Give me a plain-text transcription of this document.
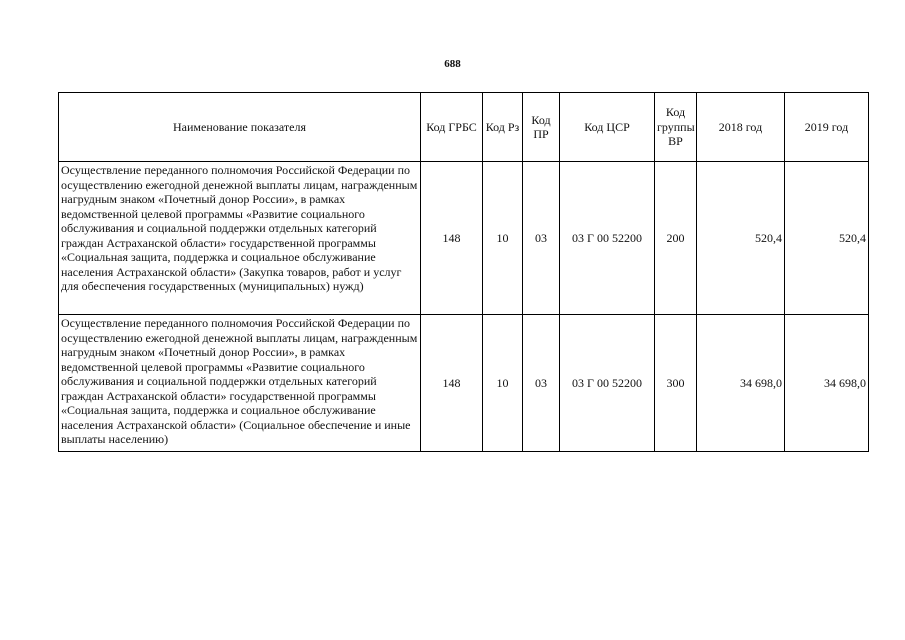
688
Наименование показателя	Код ГРБС	Код Рз	Код ПР	Код ЦСР	Код группы ВР	2018 год	2019 год
Осуществление переданного полномочия Российской Федерации по осуществлению ежегодной денежной выплаты лицам, награжденным нагрудным знаком «Почетный донор России», в рамках ведомственной целевой программы «Развитие социального обслуживания и социальной поддержки отдельных категорий граждан Астраханской области» государственной программы «Социальная защита, поддержка и социальное обслуживание населения Астраханской области» (Закупка товаров, работ и услуг для обеспечения государственных (муниципальных) нужд)	148	10	03	03 Г 00 52200	200	520,4	520,4
Осуществление переданного полномочия Российской Федерации по осуществлению ежегодной денежной выплаты лицам, награжденным нагрудным знаком «Почетный донор России», в рамках ведомственной целевой программы «Развитие социального обслуживания и социальной поддержки отдельных категорий граждан Астраханской области» государственной программы «Социальная защита, поддержка и социальное обслуживание населения Астраханской области» (Социальное обеспечение и иные выплаты населению)	148	10	03	03 Г 00 52200	300	34 698,0	34 698,0
